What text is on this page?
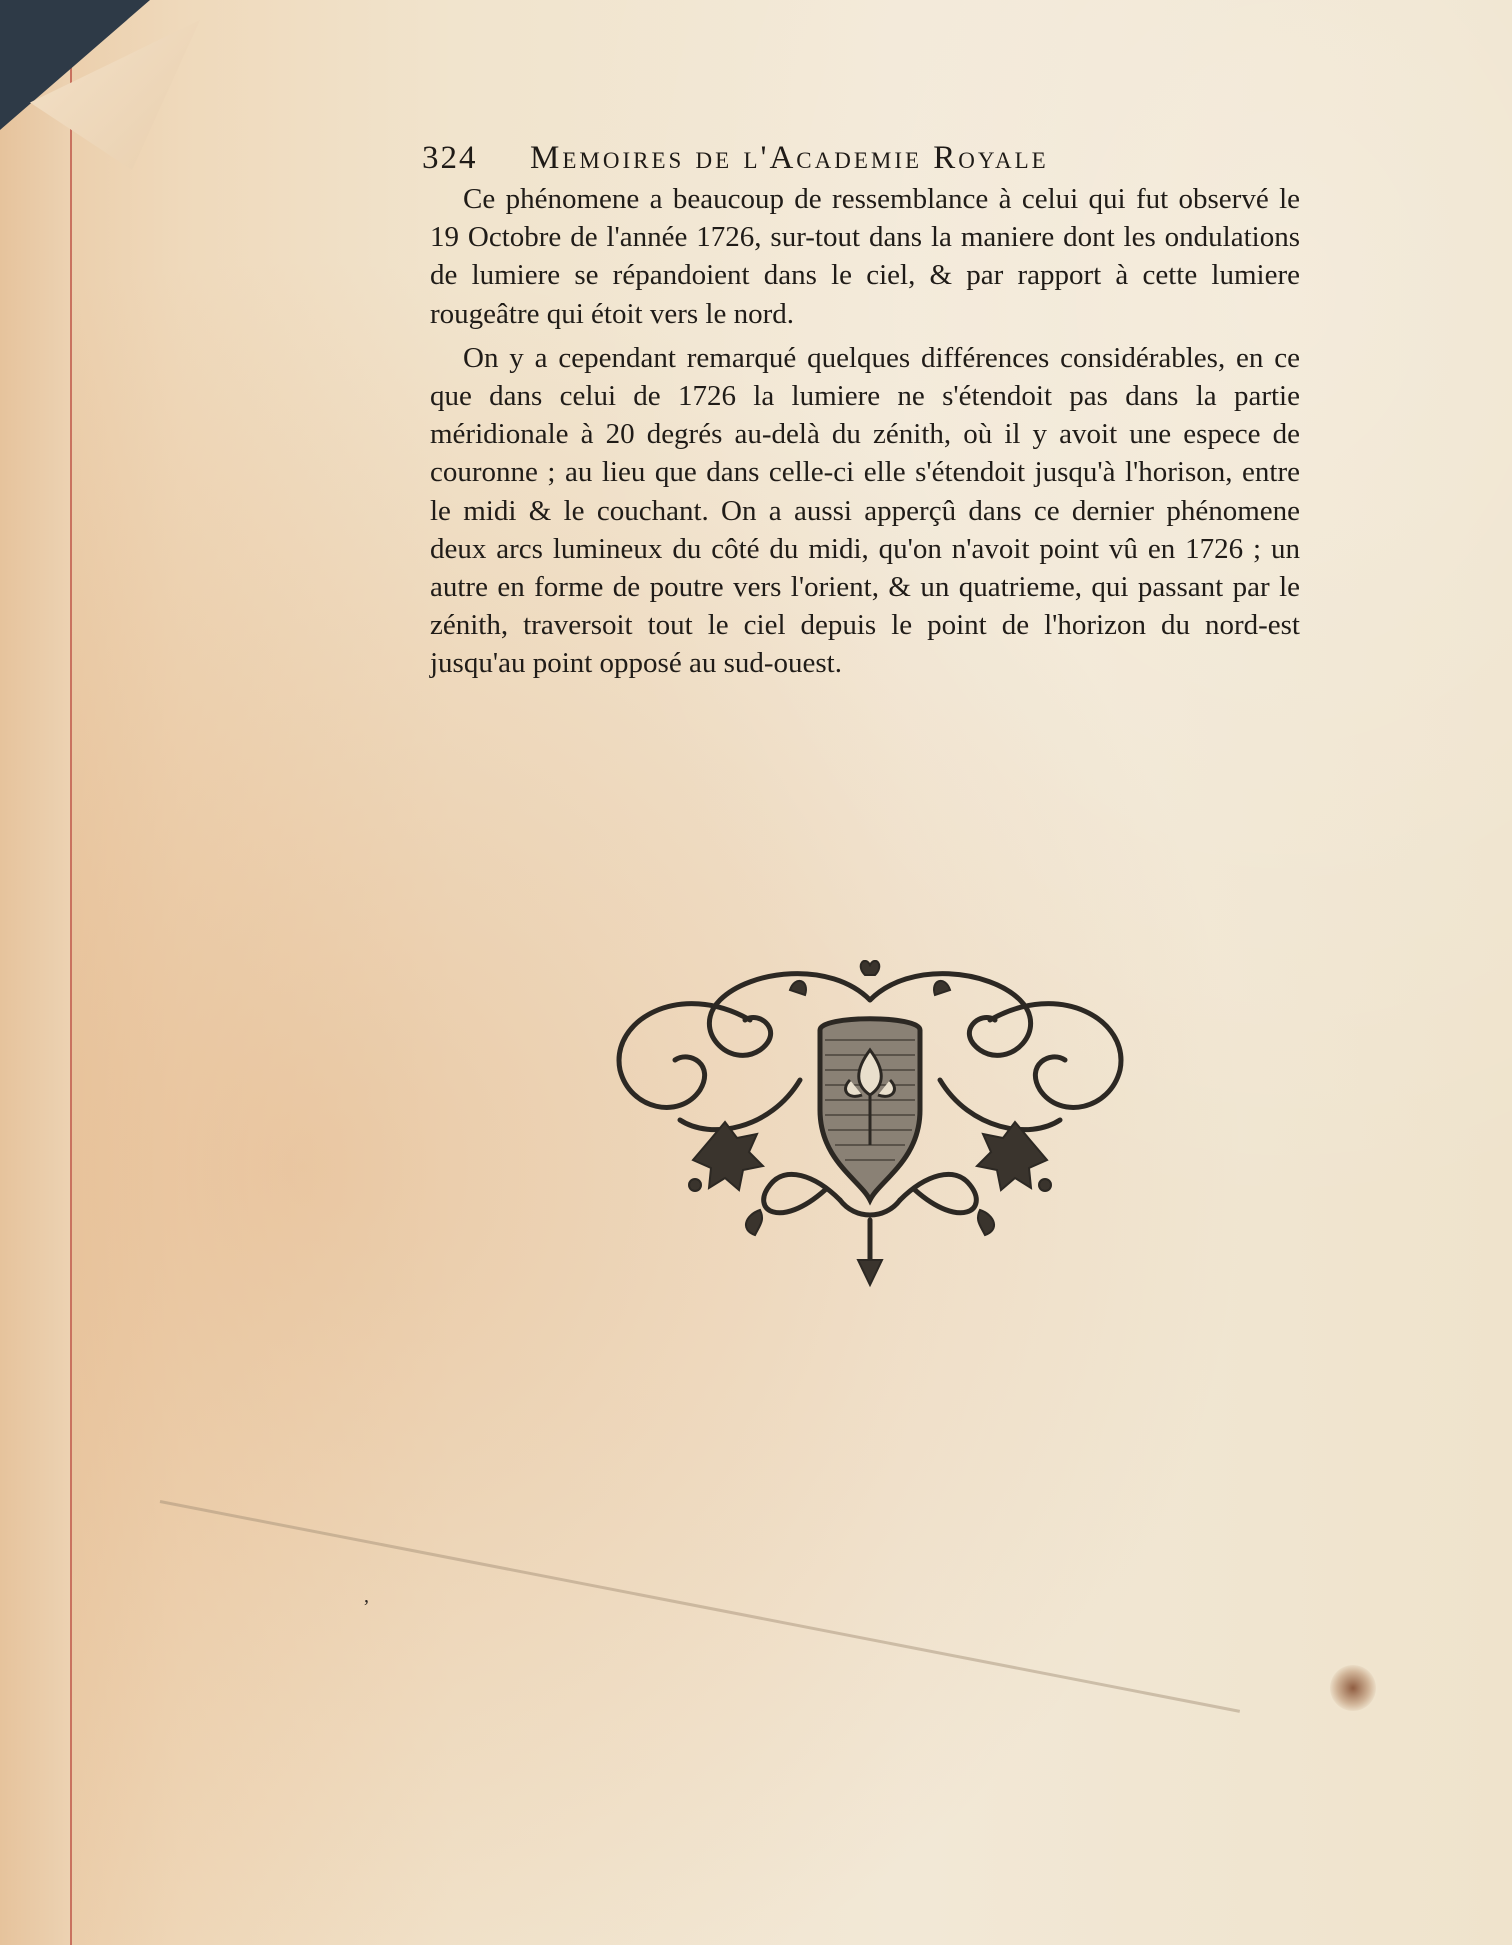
324 Memoires de l'Academie Royale

Ce phénomene a beaucoup de ressemblance à celui qui fut observé le 19 Octobre de l'année 1726, sur-tout dans la maniere dont les ondulations de lumiere se répandoient dans le ciel, & par rapport à cette lumiere rougeâtre qui étoit vers le nord.

On y a cependant remarqué quelques différences considérables, en ce que dans celui de 1726 la lumiere ne s'étendoit pas dans la partie méridionale à 20 degrés au-delà du zénith, où il y avoit une espece de couronne ; au lieu que dans celle-ci elle s'étendoit jusqu'à l'horison, entre le midi & le couchant. On a aussi apperçû dans ce dernier phénomene deux arcs lumineux du côté du midi, qu'on n'avoit point vû en 1726 ; un autre en forme de poutre vers l'orient, & un quatrieme, qui passant par le zénith, traversoit tout le ciel depuis le point de l'horizon du nord-est jusqu'au point opposé au sud-ouest.

‚
